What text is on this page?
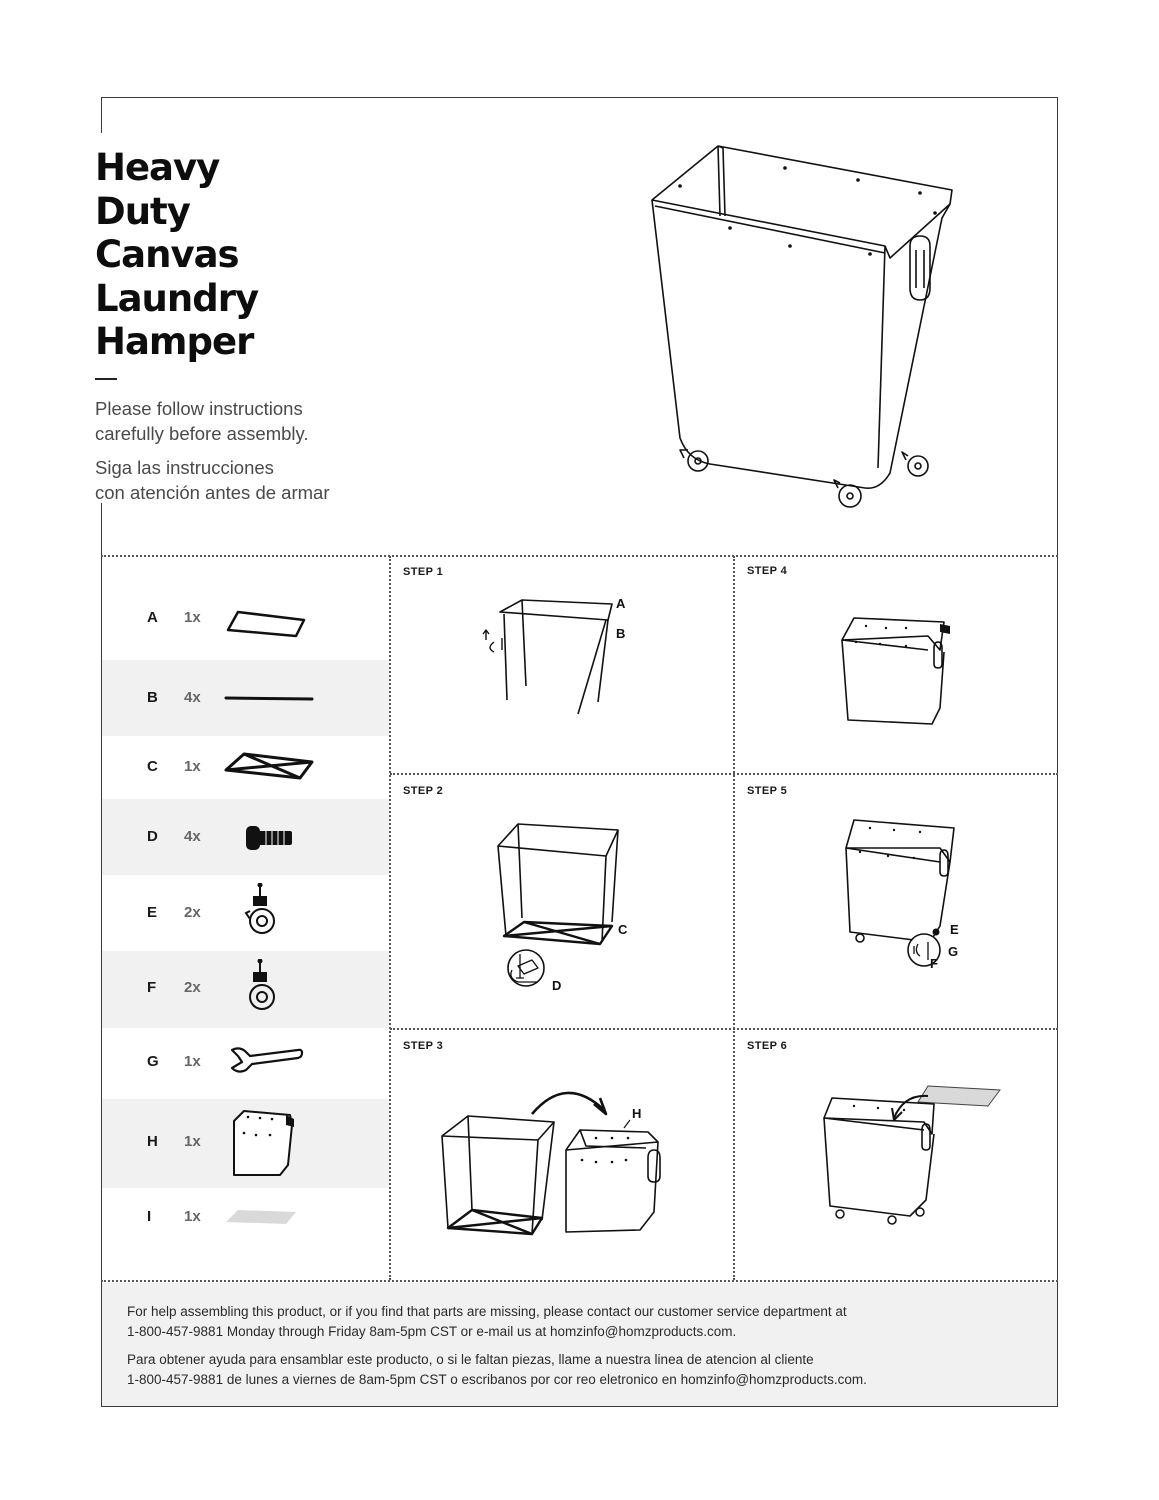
Heavy
Duty
Canvas
Laundry
Hamper

Please follow instructions
carefully before assembly.

Siga las instrucciones
con atención antes de armar

A 1x
B 4x
C 1x
D 4x
E 2x
F 2x
G 1x
H 1x
I 1x
STEP 1
A
B
STEP 2
C
D
STEP 3
H
STEP 4
STEP 5
E
G
F
STEP 6

For help assembling this product, or if you find that parts are missing, please contact our customer service department at
1-800-457-9881 Monday through Friday 8am-5pm CST or e-mail us at homzinfo@homzproducts.com.

Para obtener ayuda para ensamblar este producto, o si le faltan piezas, llame a nuestra linea de atencion al cliente
1-800-457-9881 de lunes a viernes de 8am-5pm CST o escribanos por cor reo eletronico en homzinfo@homzproducts.com.
